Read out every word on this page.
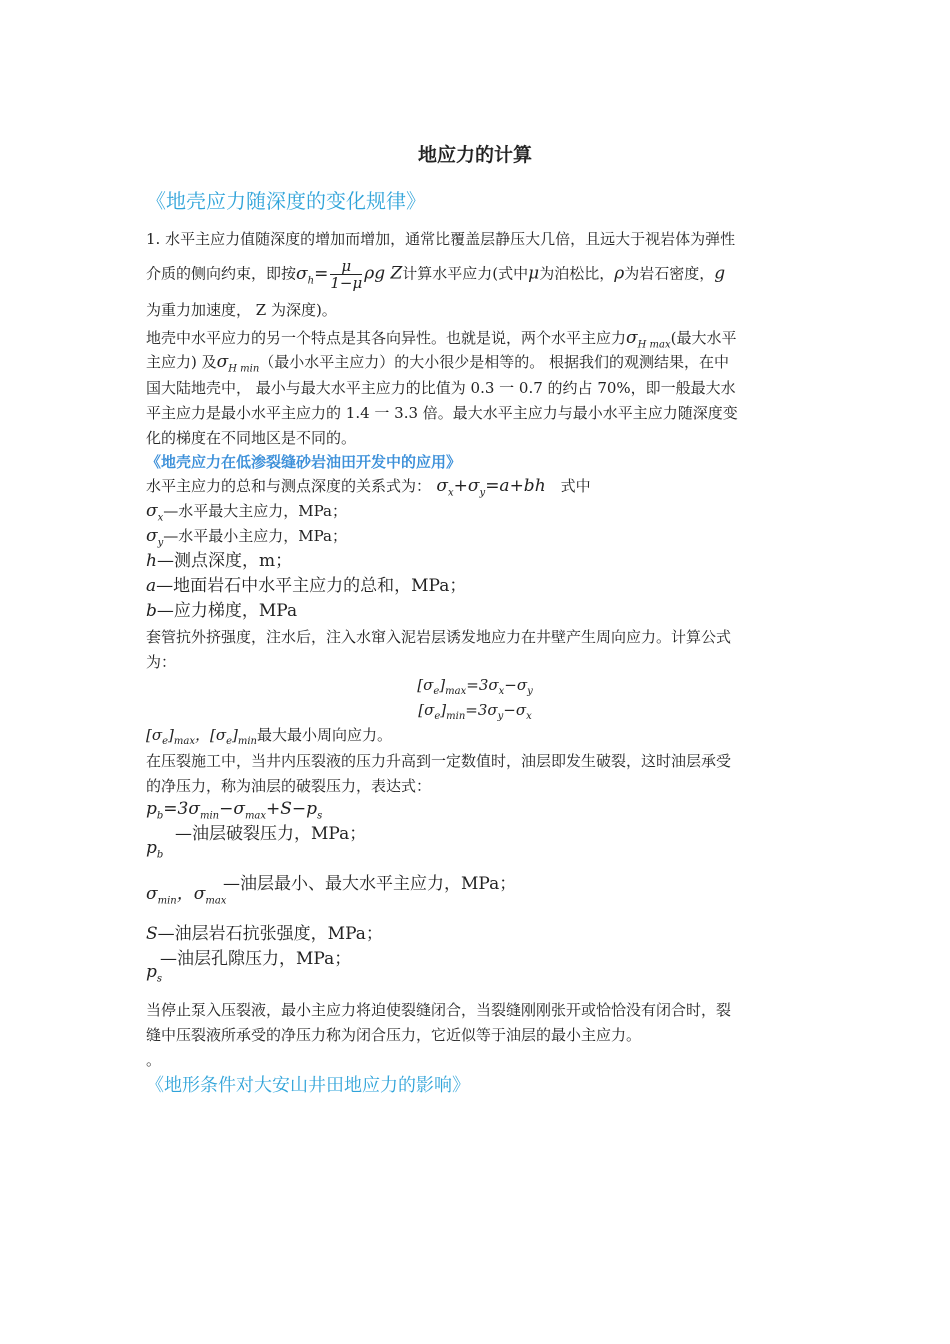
地应力的计算
《地壳应力随深度的变化规律》
1. 水平主应力值随深度的增加而增加，通常比覆盖层静压大几倍，且远大于视岩体为弹性
介质的侧向约束，即按$\sigma_h= \frac{\mu}{1-\mu}$ ρg Z计算水平应力(式中μ为泊松比，ρ为岩石密度，g
为重力加速度， Z 为深度)。
地壳中水平应力的另一个特点是其各向异性。也就是说，两个水平主应力$\sigma_{H max}$(最大水平
主应力) 及$\sigma_{H min}$（最小水平主应力）的大小很少是相等的。 根据我们的观测结果，在中
国大陆地壳中， 最小与最大水平主应力的比值为 0.3 一 0.7 的约占 70%，即一般最大水
平主应力是最小水平主应力的 1.4 一 3.3 倍。最大水平主应力与最小水平主应力随深度变
化的梯度在不同地区是不同的。
《地壳应力在低渗裂缝砂岩油田开发中的应用》
水平主应力的总和与测点深度的关系式为： $\sigma_x+\sigma_y=a+bh$   式中
$\sigma_x—$水平最大主应力，MPa；
$\sigma_y—$水平最小主应力，MPa；
h—测点深度，m；
a—地面岩石中水平主应力的总和，MPa；
b—应力梯度，MPa
套管抗外挤强度，注水后，注入水窜入泥岩层诱发地应力在井壁产生周向应力。计算公式
为：
$[\sigma_e]_{max}=3\sigma_x-\sigma_y$
$[\sigma_e]_{min}=3\sigma_y-\sigma_x$
$[\sigma_e]_{max}$，$[\sigma_e]_{min}$最大最小周向应力。
在压裂施工中，当井内压裂液的压力升高到一定数值时，油层即发生破裂，这时油层承受
的净压力，称为油层的破裂压力，表达式：
$p_b=3\sigma_{min}-\sigma_{max}+S-p_s$
—油层破裂压力，MPa；
$p_b$
$\sigma_{min}$，$\sigma_{max}$
—油层最小、最大水平主应力，MPa；
S—油层岩石抗张强度，MPa；
—油层孔隙压力，MPa；
$p_s$
当停止泵入压裂液，最小主应力将迫使裂缝闭合，当裂缝刚刚张开或恰恰没有闭合时，裂
缝中压裂液所承受的净压力称为闭合压力，它近似等于油层的最小主应力。
。
《地形条件对大安山井田地应力的影响》
